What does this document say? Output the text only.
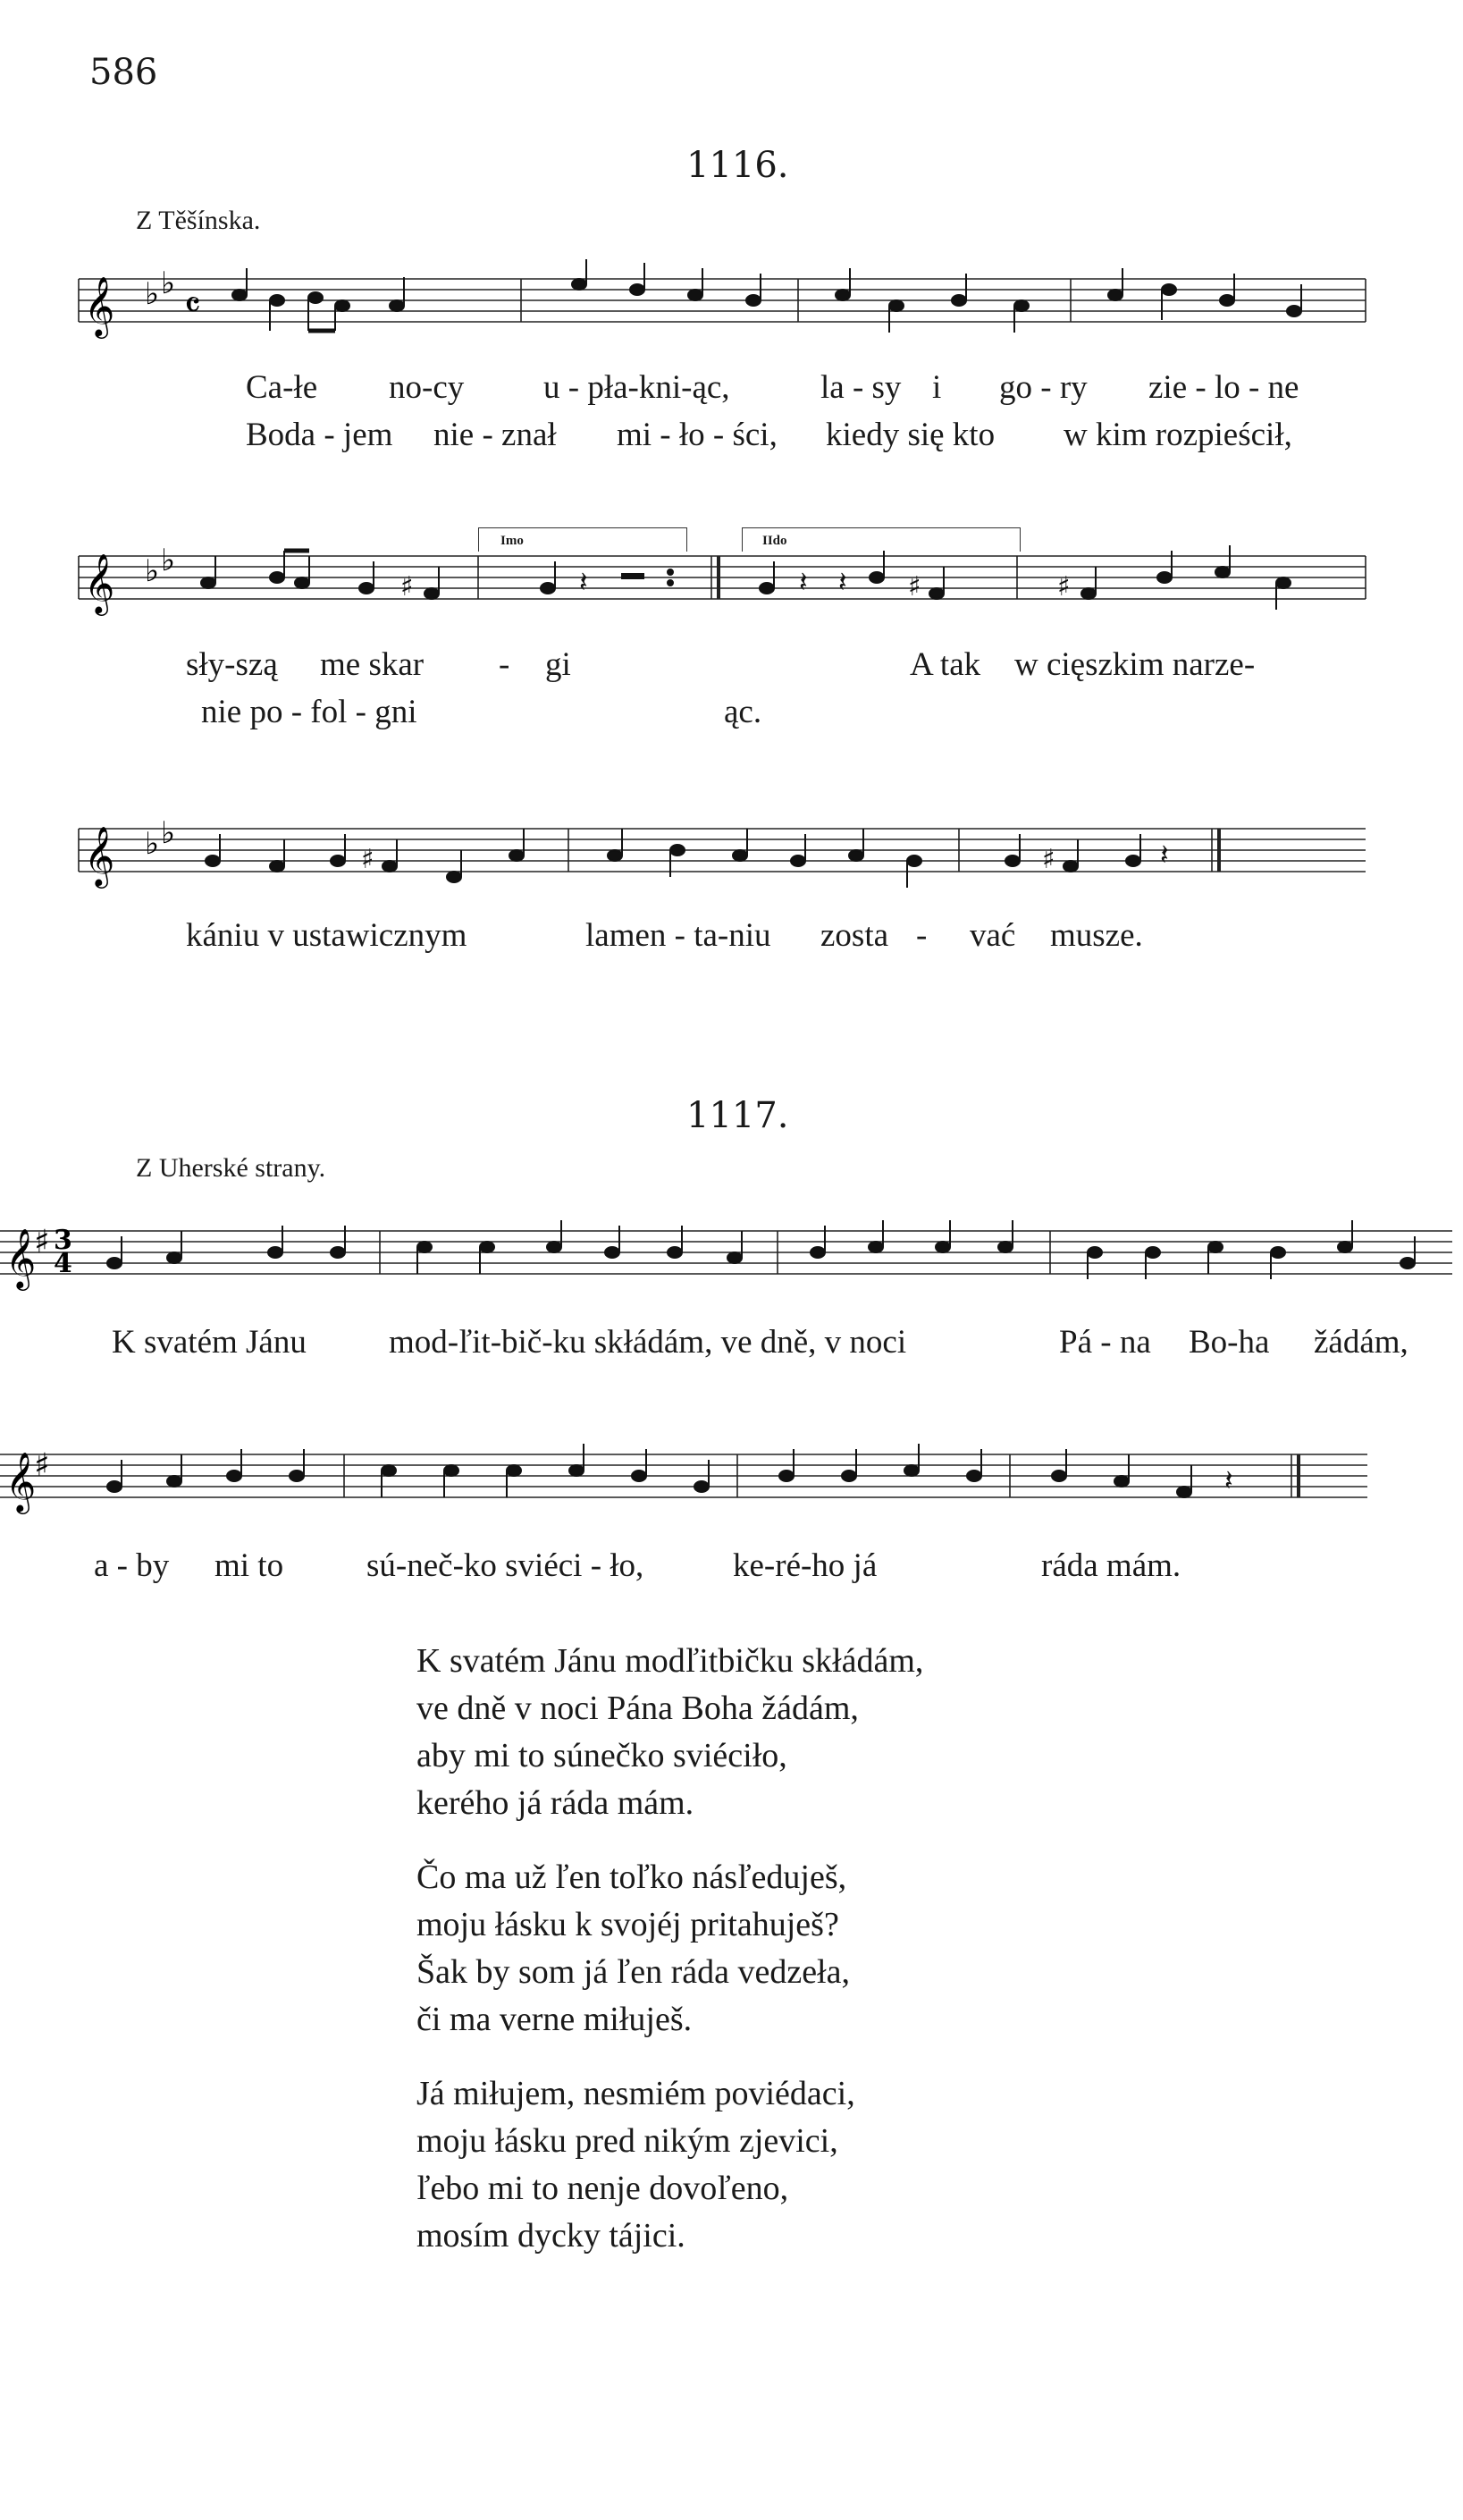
586
1116.
Z Těšínska.
𝄞 ♭ ♭ 𝄴
Ca-łe no-cy u - pła-kni-ąc,	la - sy i go - ry zie - lo - ne
Boda - jem nie - znał mi - ło - ści, kiedy się kto w kim rozpieścił,
Imo	IIdo
𝄞 ♭ ♭
♯	𝄽	𝄽 𝄽 ♯	♯
sły-szą me skar - gi	A tak w cięszkim narze-
nie po - fol - gni	ąc.
𝄞 ♭ ♭
♯	♯	𝄽
kániu v ustawicznym	lamen - ta-niu zosta - vać musze.
1117.
Z Uherské strany.
𝄞
♯ 3
4
K svatém Jánu mod-ľit-bič-ku skłádám, ve dně, v noci	Pá - na Bo-ha žádám,
𝄞
♯	𝄽
a - by mi to	sú-neč-ko sviéci - ło,	ke-ré-ho já	ráda mám.
K svatém Jánu modľitbičku skłádám,
ve dně v noci Pána Boha žádám,
aby mi to súnečko sviéciło,
kerého já ráda mám.
Čo ma už ľen toľko násľeduješ,
moju łásku k svojéj pritahuješ?
Šak by som já ľen ráda vedzeła,
či ma verne miłuješ.
Já miłujem, nesmiém poviédaci,
moju łásku pred nikým zjevici,
ľebo mi to nenje dovoľeno,
mosím dycky tájici.
